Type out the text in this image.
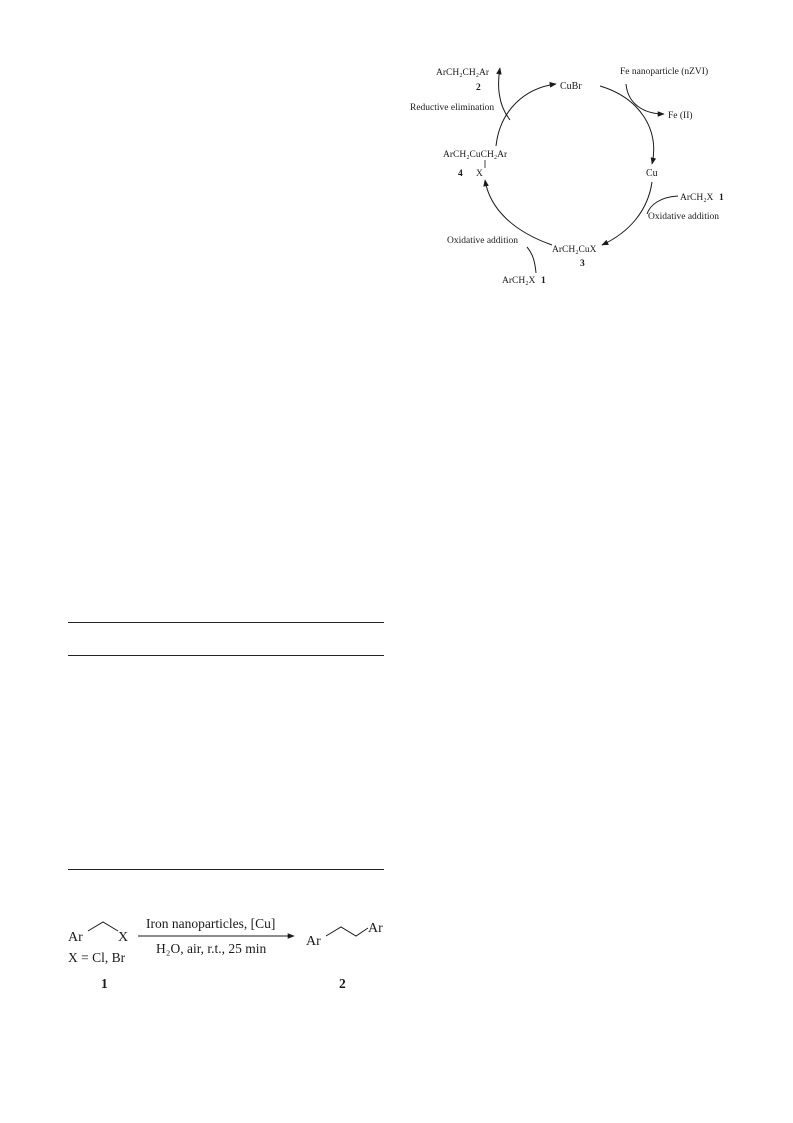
CuBr
Cu
ArCH₂CH₂Ar
2
Reductive elimination
Fe nanoparticle (nZVI)
Fe (II)
ArCH₂CuCH₂Ar
4 X
ArCH₂X 1
Oxidative addition
Oxidative addition
ArCH₂CuX
3
ArCH₂X 1
Ar	X
X = Cl, Br
1
Iron nanoparticles, [Cu]
H₂O, air, r.t., 25 min	Ar
Ar
2
